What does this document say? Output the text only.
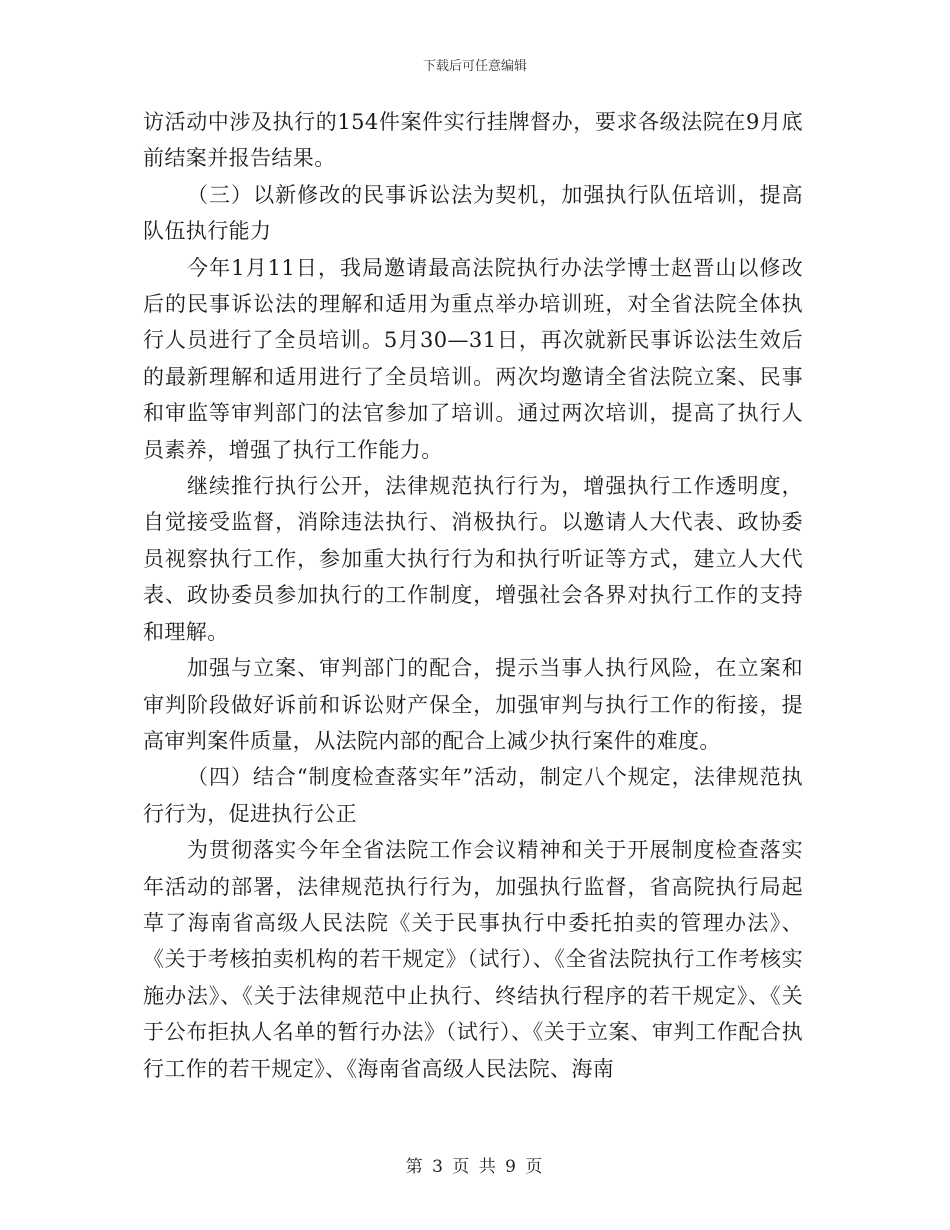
下载后可任意编辑

访活动中涉及执行的154件案件实行挂牌督办，要求各级法院在9月底前结案并报告结果。

（三）以新修改的民事诉讼法为契机，加强执行队伍培训，提高队伍执行能力

今年1月11日，我局邀请最高法院执行办法学博士赵晋山以修改后的民事诉讼法的理解和适用为重点举办培训班，对全省法院全体执行人员进行了全员培训。5月30—31日，再次就新民事诉讼法生效后的最新理解和适用进行了全员培训。两次均邀请全省法院立案、民事和审监等审判部门的法官参加了培训。通过两次培训，提高了执行人员素养，增强了执行工作能力。

继续推行执行公开，法律规范执行行为，增强执行工作透明度，自觉接受监督，消除违法执行、消极执行。以邀请人大代表、政协委员视察执行工作，参加重大执行行为和执行听证等方式，建立人大代表、政协委员参加执行的工作制度，增强社会各界对执行工作的支持和理解。

加强与立案、审判部门的配合，提示当事人执行风险，在立案和审判阶段做好诉前和诉讼财产保全，加强审判与执行工作的衔接，提高审判案件质量，从法院内部的配合上减少执行案件的难度。

（四）结合“制度检查落实年”活动，制定八个规定，法律规范执行行为，促进执行公正

为贯彻落实今年全省法院工作会议精神和关于开展制度检查落实年活动的部署，法律规范执行行为，加强执行监督，省高院执行局起草了海南省高级人民法院《关于民事执行中委托拍卖的管理办法》、《关于考核拍卖机构的若干规定》（试行）、《全省法院执行工作考核实施办法》、《关于法律规范中止执行、终结执行程序的若干规定》、《关于公布拒执人名单的暂行办法》（试行）、《关于立案、审判工作配合执行工作的若干规定》、《海南省高级人民法院、海南

第 3 页 共 9 页
